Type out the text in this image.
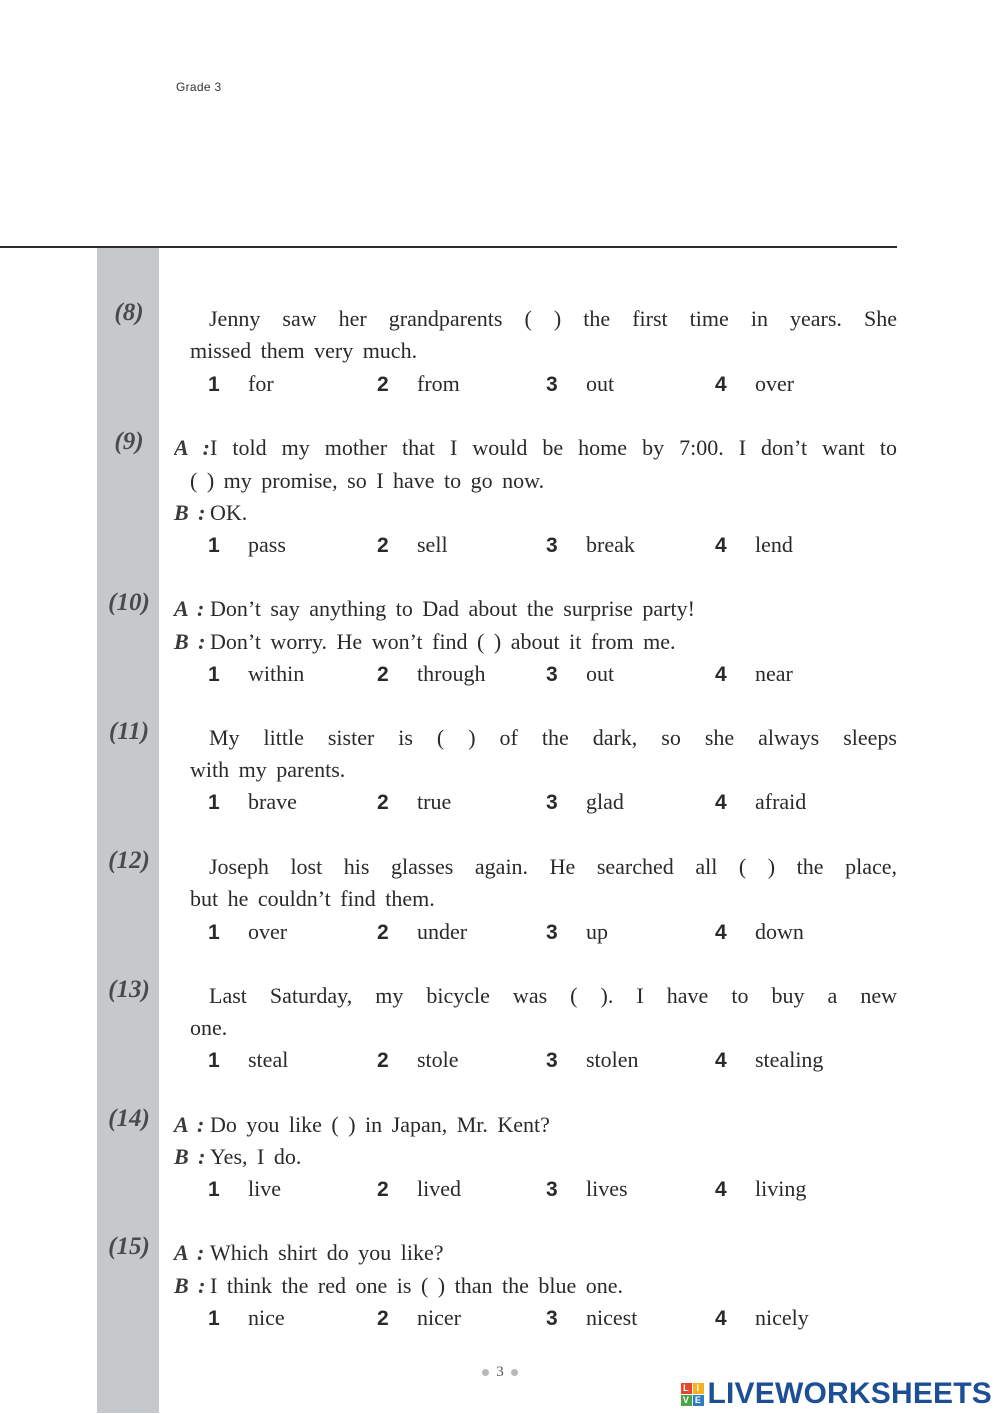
Grade 3
(8)	Jenny saw her grandparents ( ) the first time in years. She
missed them very much.
1 for	2 from	3 out	4 over
(9)	A :I told my mother that I would be home by 7:00. I don’t want to
( ) my promise, so I have to go now.
B : OK.
1 pass	2 sell	3 break	4 lend
(10)	A : Don’t say anything to Dad about the surprise party!
B : Don’t worry. He won’t find ( ) about it from me.
1 within	2 through	3 out	4 near
(11)	My little sister is ( ) of the dark, so she always sleeps
with my parents.
1 brave	2 true	3 glad	4 afraid
(12)	Joseph lost his glasses again. He searched all ( ) the place,
but he couldn’t find them.
1 over	2 under	3 up	4 down
(13)	Last Saturday, my bicycle was ( ). I have to buy a new
one.
1 steal	2 stole	3 stolen	4 stealing
(14)	A : Do you like ( ) in Japan, Mr. Kent?
B : Yes, I do.
1 live	2 lived	3 lives	4 living
(15)	A : Which shirt do you like?
B : I think the red one is ( ) than the blue one.
1 nice	2 nicer	3 nicest	4 nicely
3
L I
V E LIVEWORKSHEETS
